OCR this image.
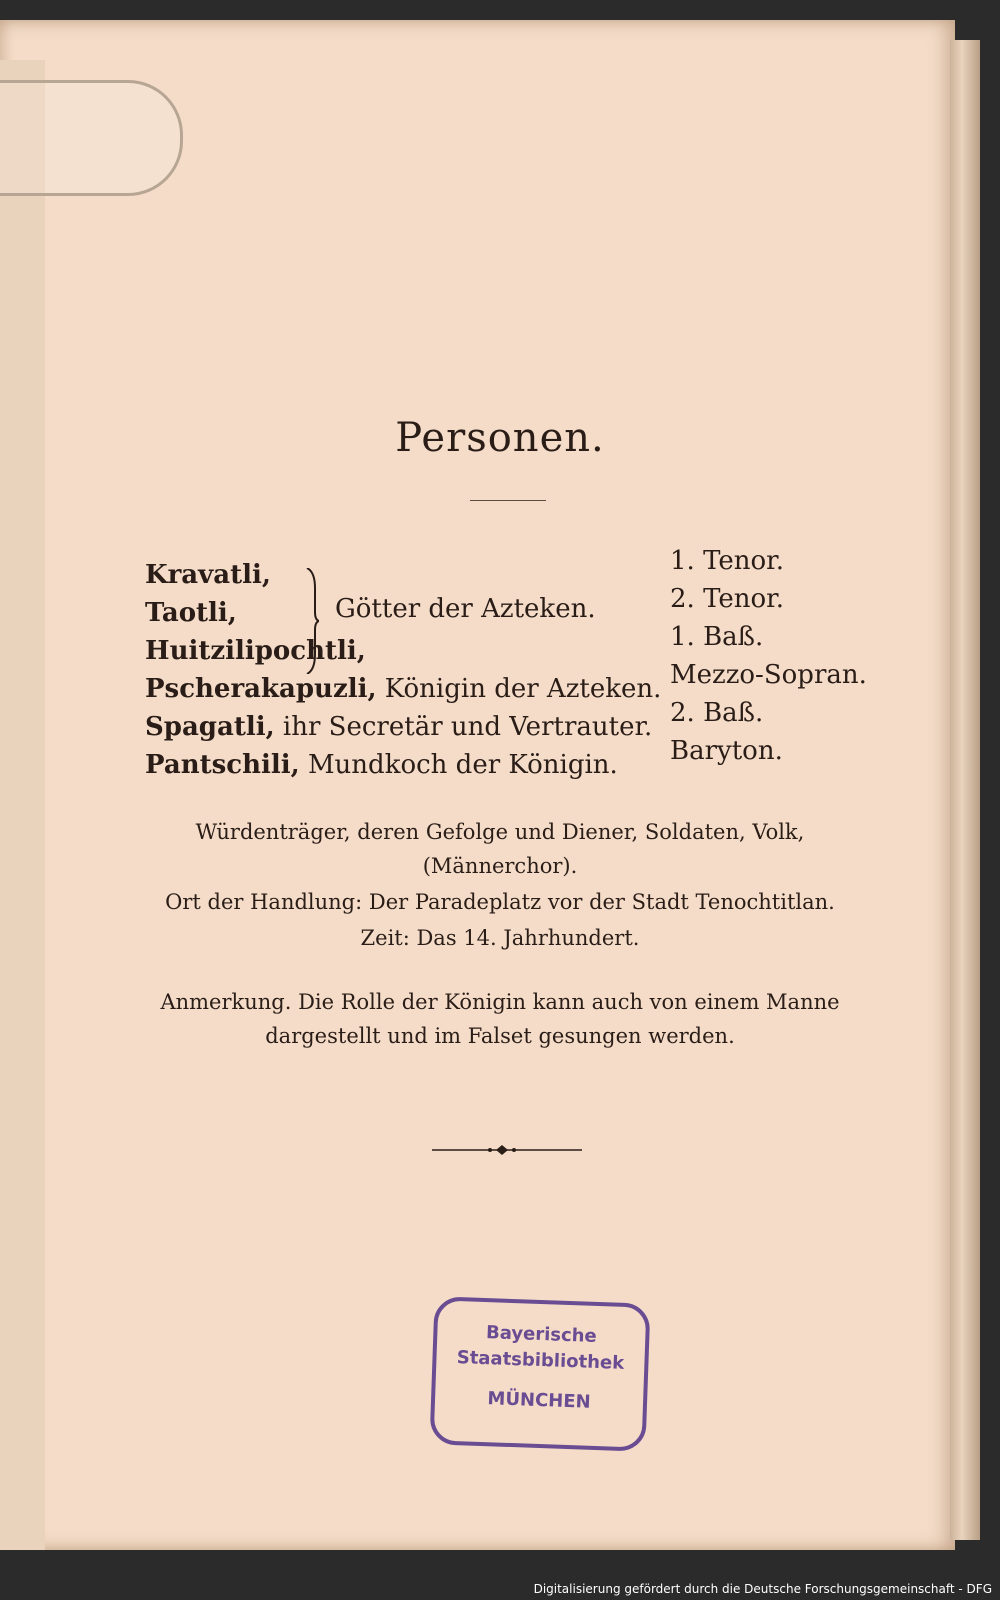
Personen.
Kravatli,
Taotli,
Huitzilipochtli,
Götter der Azteken.
Pscherakapuzli, Königin der Azteken.
Spagatli, ihr Secretär und Vertrauter.
Pantschili, Mundkoch der Königin.
1. Tenor.
2. Tenor.
1. Baß.
Mezzo-Sopran.
2. Baß.
Baryton.
Würdenträger, deren Gefolge und Diener, Soldaten, Volk,
(Männerchor).
Ort der Handlung: Der Paradeplatz vor der Stadt Tenochtitlan.
Zeit: Das 14. Jahrhundert.
Anmerkung. Die Rolle der Königin kann auch von einem Manne
dargestellt und im Falset gesungen werden.
Bayerische
Staatsbibliothek
MÜNCHEN
Digitalisierung gefördert durch die Deutsche Forschungsgemeinschaft - DFG
